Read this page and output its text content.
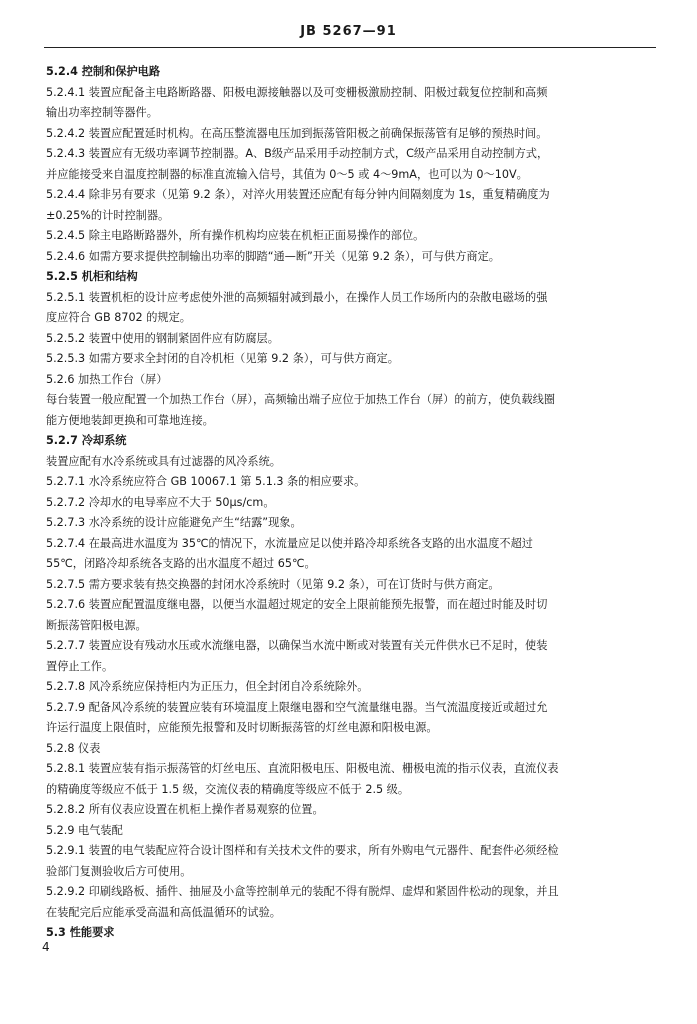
JB 5267—91
5.2.4 控制和保护电路
5.2.4.1 装置应配备主电路断路器、阳极电源接触器以及可变栅极激励控制、阳极过载复位控制和高频
输出功率控制等器件。
5.2.4.2 装置应配置延时机构。在高压整流器电压加到振荡管阳极之前确保振荡管有足够的预热时间。
5.2.4.3 装置应有无级功率调节控制器。A、B级产品采用手动控制方式，C级产品采用自动控制方式，
并应能接受来自温度控制器的标准直流输入信号，其值为 0～5 或 4～9mA，也可以为 0～10V。
5.2.4.4 除非另有要求（见第 9.2 条），对淬火用装置还应配有每分钟内间隔刻度为 1s，重复精确度为
±0.25%的计时控制器。
5.2.4.5 除主电路断路器外，所有操作机构均应装在机柜正面易操作的部位。
5.2.4.6 如需方要求提供控制输出功率的脚踏“通—断”开关（见第 9.2 条），可与供方商定。
5.2.5 机柜和结构
5.2.5.1 装置机柜的设计应考虑使外泄的高频辐射减到最小，在操作人员工作场所内的杂散电磁场的强
度应符合 GB 8702 的规定。
5.2.5.2 装置中使用的钢制紧固件应有防腐层。
5.2.5.3 如需方要求全封闭的自冷机柜（见第 9.2 条），可与供方商定。
5.2.6 加热工作台（屏）
每台装置一般应配置一个加热工作台（屏），高频输出端子应位于加热工作台（屏）的前方，使负载线圈
能方便地装卸更换和可靠地连接。
5.2.7 冷却系统
装置应配有水冷系统或具有过滤器的风冷系统。
5.2.7.1 水冷系统应符合 GB 10067.1 第 5.1.3 条的相应要求。
5.2.7.2 冷却水的电导率应不大于 50μs/cm。
5.2.7.3 水冷系统的设计应能避免产生“结露”现象。
5.2.7.4 在最高进水温度为 35℃的情况下，水流量应足以使并路冷却系统各支路的出水温度不超过
55℃，闭路冷却系统各支路的出水温度不超过 65℃。
5.2.7.5 需方要求装有热交换器的封闭水冷系统时（见第 9.2 条），可在订货时与供方商定。
5.2.7.6 装置应配置温度继电器，以便当水温超过规定的安全上限前能预先报警，而在超过时能及时切
断振荡管阳极电源。
5.2.7.7 装置应设有残动水压或水流继电器，以确保当水流中断或对装置有关元件供水已不足时，使装
置停止工作。
5.2.7.8 风冷系统应保持柜内为正压力，但全封闭自冷系统除外。
5.2.7.9 配备风冷系统的装置应装有环境温度上限继电器和空气流量继电器。当气流温度接近或超过允
许运行温度上限值时，应能预先报警和及时切断振荡管的灯丝电源和阳极电源。
5.2.8 仪表
5.2.8.1 装置应装有指示振荡管的灯丝电压、直流阳极电压、阳极电流、栅极电流的指示仪表，直流仪表
的精确度等级应不低于 1.5 级，交流仪表的精确度等级应不低于 2.5 级。
5.2.8.2 所有仪表应设置在机柜上操作者易观察的位置。
5.2.9 电气装配
5.2.9.1 装置的电气装配应符合设计图样和有关技术文件的要求，所有外购电气元器件、配套件必须经检
验部门复测验收后方可使用。
5.2.9.2 印刷线路板、插件、抽屉及小盒等控制单元的装配不得有脱焊、虚焊和紧固件松动的现象，并且
在装配完后应能承受高温和高低温循环的试验。
5.3 性能要求
4
